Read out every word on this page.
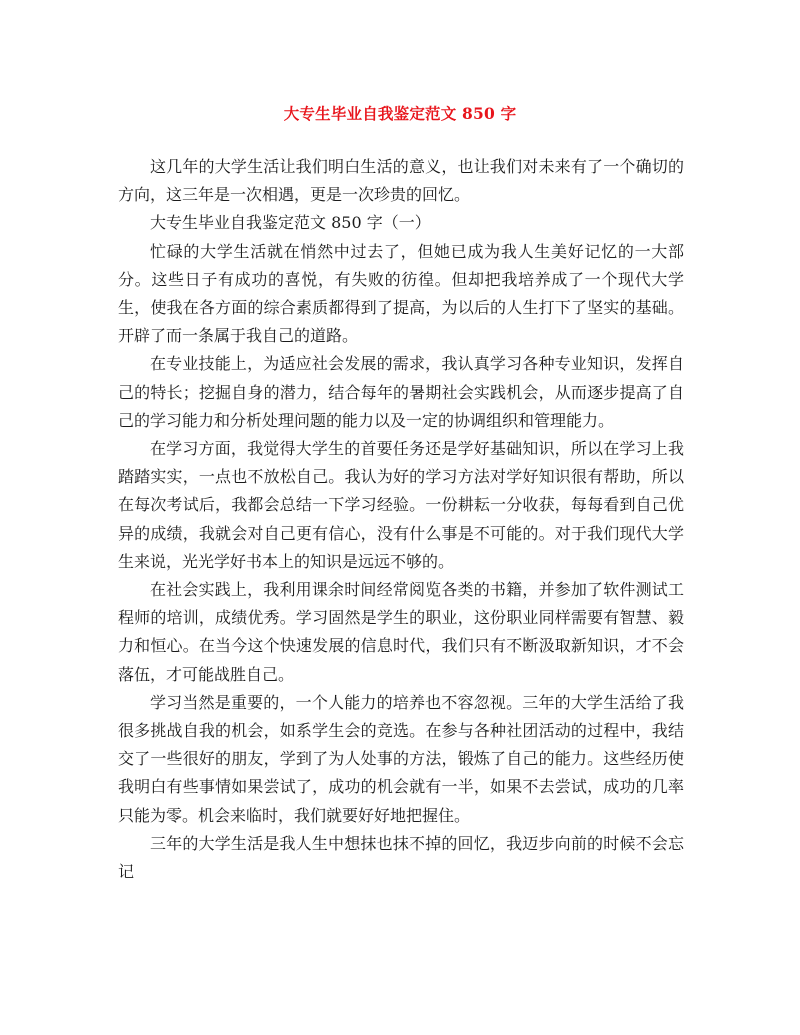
大专生毕业自我鉴定范文 850 字

这几年的大学生活让我们明白生活的意义，也让我们对未来有了一个确切的方向，这三年是一次相遇，更是一次珍贵的回忆。

大专生毕业自我鉴定范文 850 字（一）

忙碌的大学生活就在悄然中过去了，但她已成为我人生美好记忆的一大部分。这些日子有成功的喜悦，有失败的彷徨。但却把我培养成了一个现代大学生，使我在各方面的综合素质都得到了提高，为以后的人生打下了坚实的基础。开辟了而一条属于我自己的道路。

在专业技能上，为适应社会发展的需求，我认真学习各种专业知识，发挥自己的特长；挖掘自身的潜力，结合每年的暑期社会实践机会，从而逐步提高了自己的学习能力和分析处理问题的能力以及一定的协调组织和管理能力。

在学习方面，我觉得大学生的首要任务还是学好基础知识，所以在学习上我踏踏实实，一点也不放松自己。我认为好的学习方法对学好知识很有帮助，所以在每次考试后，我都会总结一下学习经验。一份耕耘一分收获，每每看到自己优异的成绩，我就会对自己更有信心，没有什么事是不可能的。对于我们现代大学生来说，光光学好书本上的知识是远远不够的。

在社会实践上，我利用课余时间经常阅览各类的书籍，并参加了软件测试工程师的培训，成绩优秀。学习固然是学生的职业，这份职业同样需要有智慧、毅力和恒心。在当今这个快速发展的信息时代，我们只有不断汲取新知识，才不会落伍，才可能战胜自己。

学习当然是重要的，一个人能力的培养也不容忽视。三年的大学生活给了我很多挑战自我的机会，如系学生会的竞选。在参与各种社团活动的过程中，我结交了一些很好的朋友，学到了为人处事的方法，锻炼了自己的能力。这些经历使我明白有些事情如果尝试了，成功的机会就有一半，如果不去尝试，成功的几率只能为零。机会来临时，我们就要好好地把握住。

三年的大学生活是我人生中想抹也抹不掉的回忆，我迈步向前的时候不会忘记
